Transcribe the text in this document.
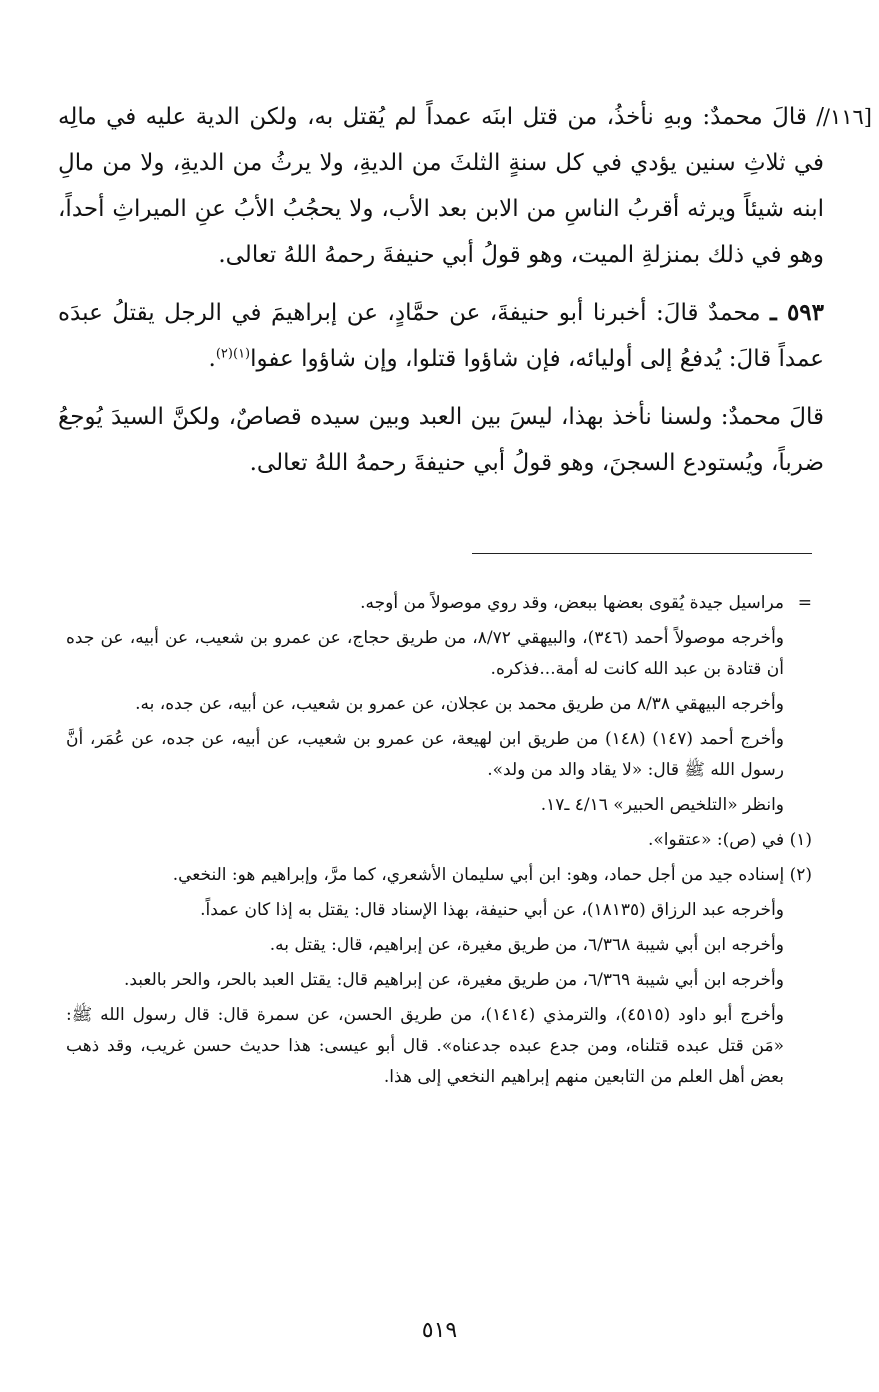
[١١٦/
/ قالَ محمدٌ: وبهِ نأخذُ، من قتل ابنَه عمداً لم يُقتل به، ولكن الدية عليه في مالِه في ثلاثِ سنين يؤدي في كل سنةٍ الثلثَ من الديةِ، ولا يرثُ من الديةِ، ولا من مالِ ابنه شيئاً ويرثه أقربُ الناسِ من الابن بعد الأب، ولا يحجُبُ الأبُ عنِ الميراثِ أحداً، وهو في ذلك بمنزلةِ الميت، وهو قولُ أبي حنيفةَ رحمهُ اللهُ تعالى.

٥٩٣ ـ محمدٌ قالَ: أخبرنا أبو حنيفةَ، عن حمَّادٍ، عن إبراهيمَ في الرجل يقتلُ عبدَه عمداً قالَ: يُدفعُ إلى أوليائه، فإن شاؤوا قتلوا، وإن شاؤوا عفوا$^{(١)(٢)}$.

قالَ محمدٌ: ولسنا نأخذ بهذا، ليسَ بين العبد وبين سيده قصاصٌ، ولكنَّ السيدَ يُوجعُ ضرباً، ويُستودع السجنَ، وهو قولُ أبي حنيفةَ رحمهُ اللهُ تعالى.

=مراسيل جيدة يُقوى بعضها ببعض، وقد روي موصولاً من أوجه.

وأخرجه موصولاً أحمد (٣٤٦)، والبيهقي ٨/٧٢، من طريق حجاج، عن عمرو بن شعيب، عن أبيه، عن جده أن قتادة بن عبد الله كانت له أمة...فذكره.

وأخرجه البيهقي ٨/٣٨ من طريق محمد بن عجلان، عن عمرو بن شعيب، عن أبيه، عن جده، به.

وأخرج أحمد (١٤٧) (١٤٨) من طريق ابن لهيعة، عن عمرو بن شعيب، عن أبيه، عن جده، عن عُمَر، أنَّ رسول الله ﷺ قال: «لا يقاد والد من ولد».

وانظر «التلخيص الحبير» ٤/١٦ ـ١٧.

(١) في (ص): «عتقوا».

(٢) إسناده جيد من أجل حماد، وهو: ابن أبي سليمان الأشعري، كما مرَّ، وإبراهيم هو: النخعي.

وأخرجه عبد الرزاق (١٨١٣٥)، عن أبي حنيفة، بهذا الإسناد قال: يقتل به إذا كان عمداً.

وأخرجه ابن أبي شيبة ٦/٣٦٨، من طريق مغيرة، عن إبراهيم، قال: يقتل به.

وأخرجه ابن أبي شيبة ٦/٣٦٩، من طريق مغيرة، عن إبراهيم قال: يقتل العبد بالحر، والحر بالعبد.

وأخرج أبو داود (٤٥١٥)، والترمذي (١٤١٤)، من طريق الحسن، عن سمرة قال: قال رسول الله ﷺ: «مَن قتل عبده قتلناه، ومن جدع عبده جدعناه». قال أبو عيسى: هذا حديث حسن غريب، وقد ذهب بعض أهل العلم من التابعين منهم إبراهيم النخعي إلى هذا.

٥١٩
